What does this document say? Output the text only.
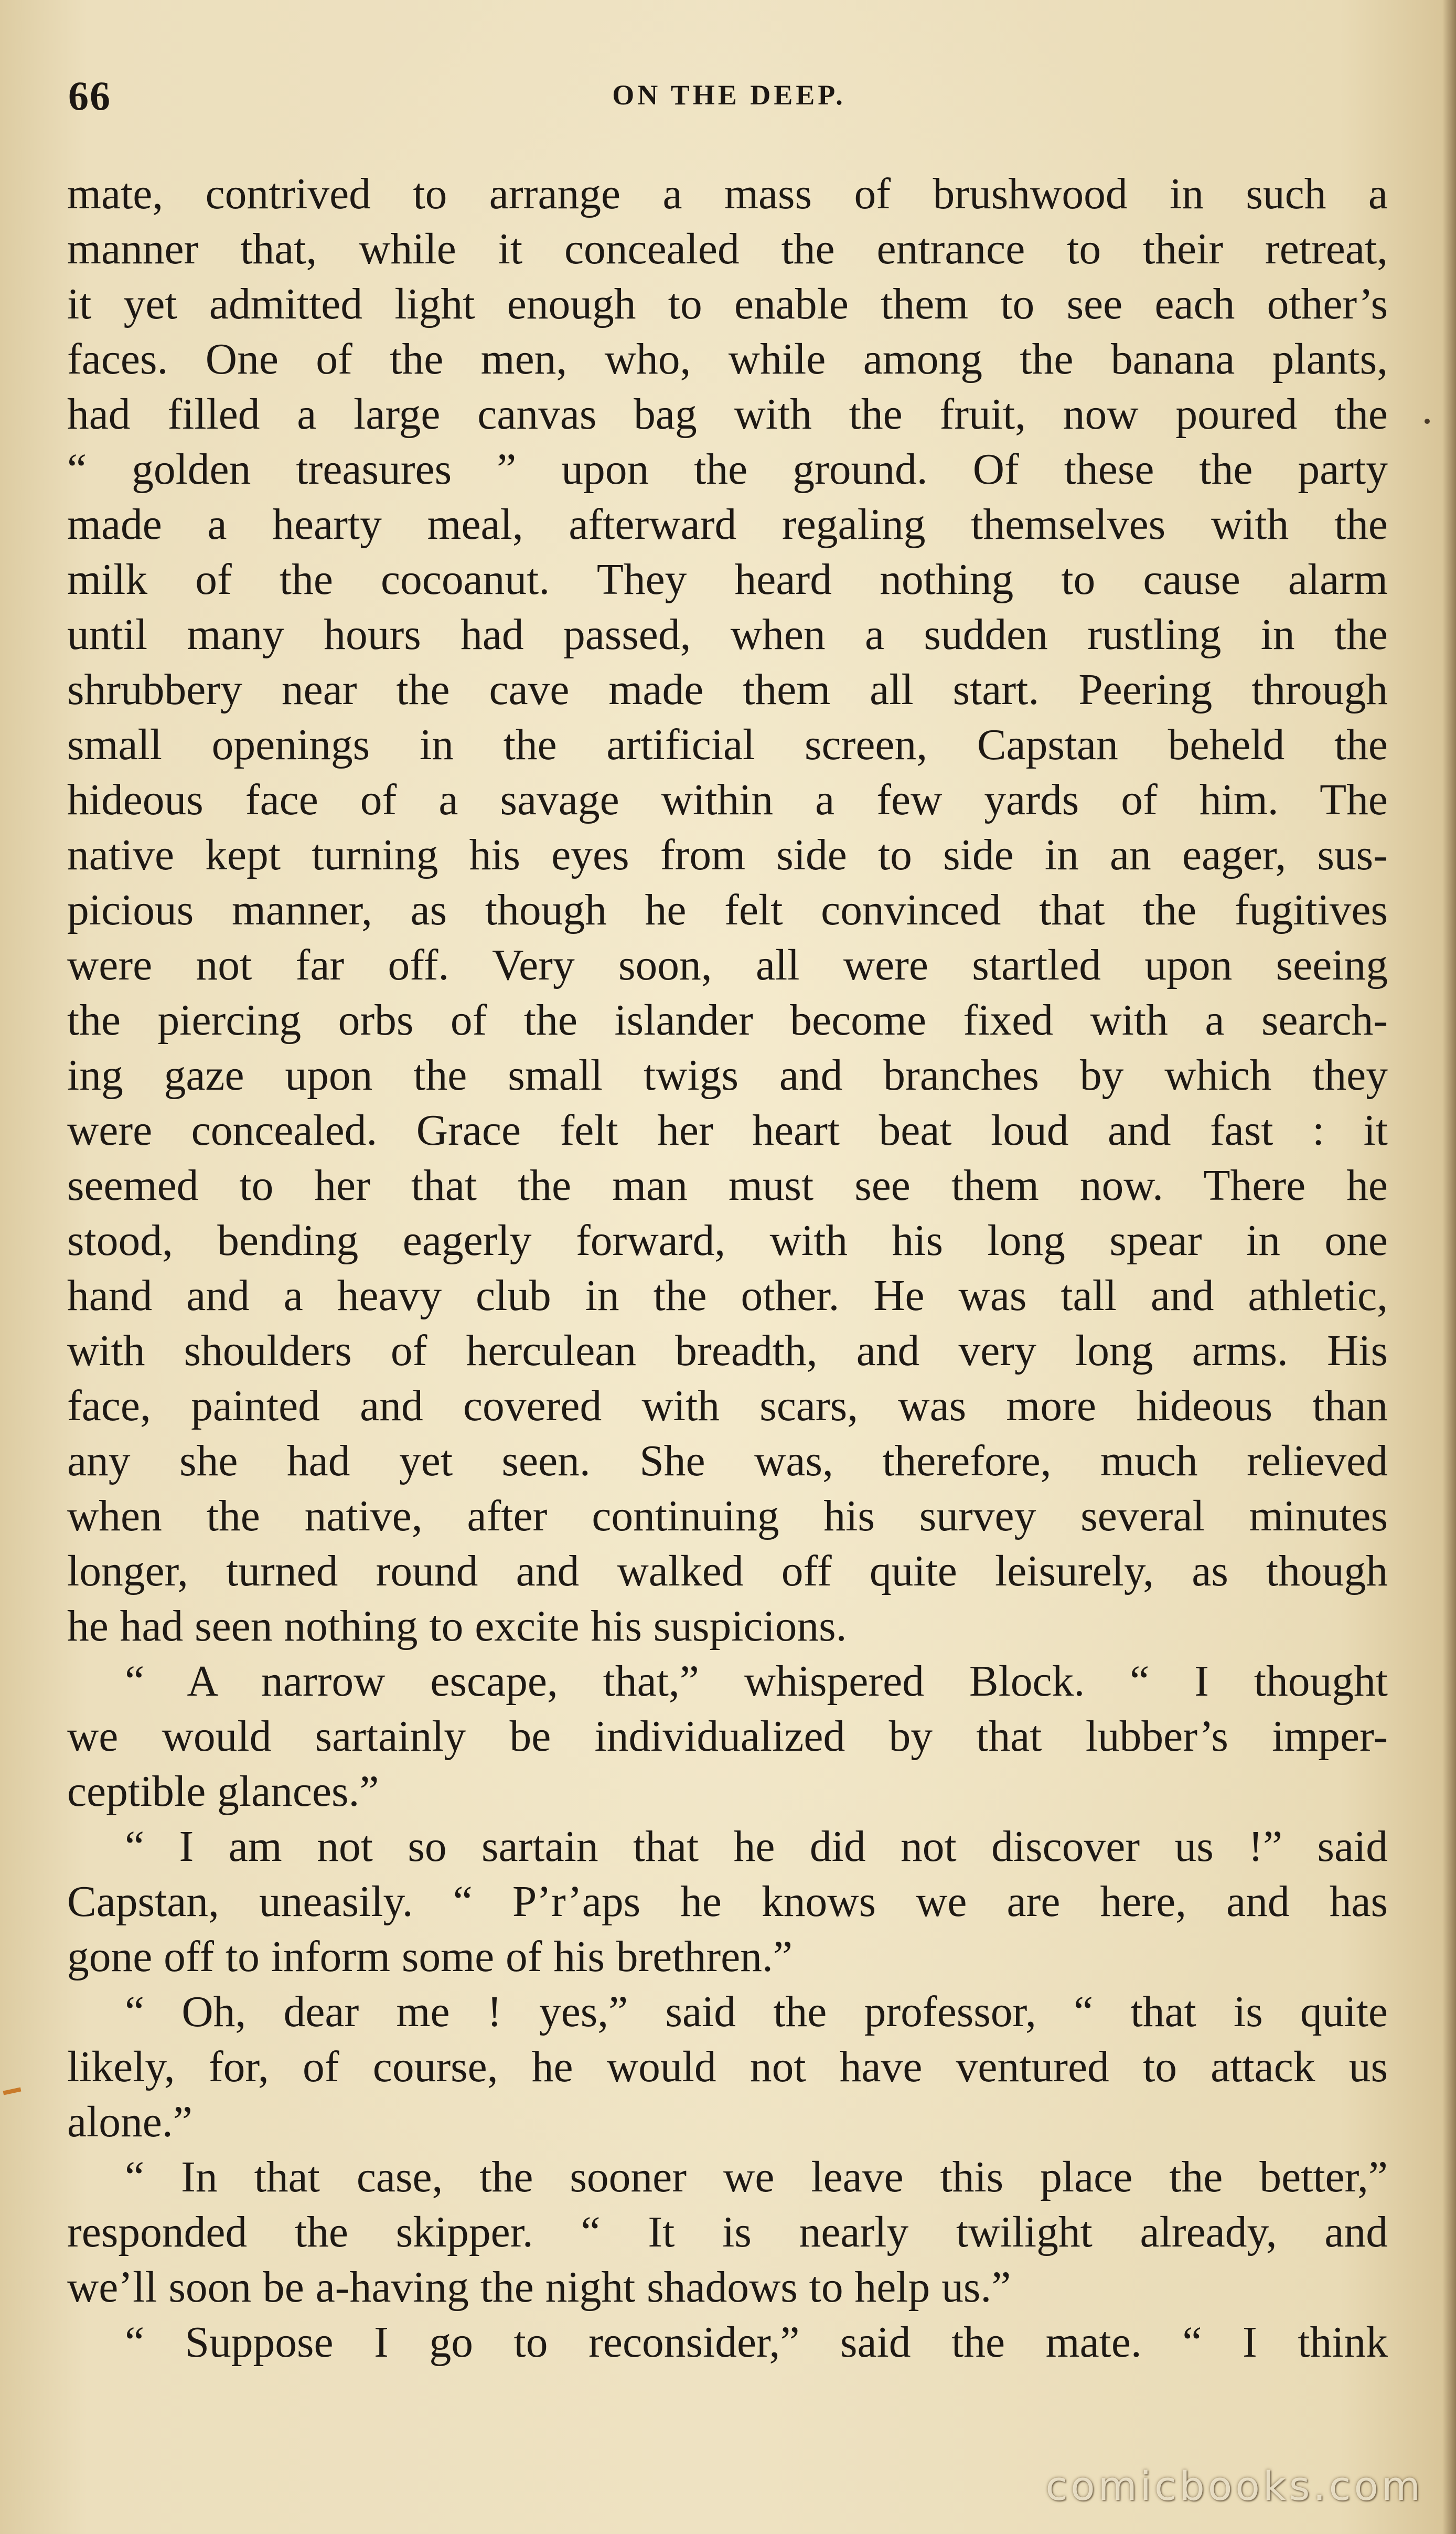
66	ON THE DEEP.
mate, contrived to arrange a mass of brushwood in such a
manner that, while it concealed the entrance to their retreat,
it yet admitted light enough to enable them to see each other’s
faces. One of the men, who, while among the banana plants,
had filled a large canvas bag with the fruit, now poured the
“ golden treasures ” upon the ground. Of these the party
made a hearty meal, afterward regaling themselves with the
milk of the cocoanut. They heard nothing to cause alarm
until many hours had passed, when a sudden rustling in the
shrubbery near the cave made them all start. Peering through
small openings in the artificial screen, Capstan beheld the
hideous face of a savage within a few yards of him. The
native kept turning his eyes from side to side in an eager, sus-
picious manner, as though he felt convinced that the fugitives
were not far off. Very soon, all were startled upon seeing
the piercing orbs of the islander become fixed with a search-
ing gaze upon the small twigs and branches by which they
were concealed. Grace felt her heart beat loud and fast : it
seemed to her that the man must see them now. There he
stood, bending eagerly forward, with his long spear in one
hand and a heavy club in the other. He was tall and athletic,
with shoulders of herculean breadth, and very long arms. His
face, painted and covered with scars, was more hideous than
any she had yet seen. She was, therefore, much relieved
when the native, after continuing his survey several minutes
longer, turned round and walked off quite leisurely, as though
he had seen nothing to excite his suspicions.
“ A narrow escape, that,” whispered Block. “ I thought
we would sartainly be individualized by that lubber’s imper-
ceptible glances.”
“ I am not so sartain that he did not discover us !” said
Capstan, uneasily. “ P’r’aps he knows we are here, and has
gone off to inform some of his brethren.”
“ Oh, dear me ! yes,” said the professor, “ that is quite
likely, for, of course, he would not have ventured to attack us
alone.”
“ In that case, the sooner we leave this place the better,”
responded the skipper. “ It is nearly twilight already, and
we’ll soon be a-having the night shadows to help us.”
“ Suppose I go to reconsider,” said the mate. “ I think
comicbooks.com
